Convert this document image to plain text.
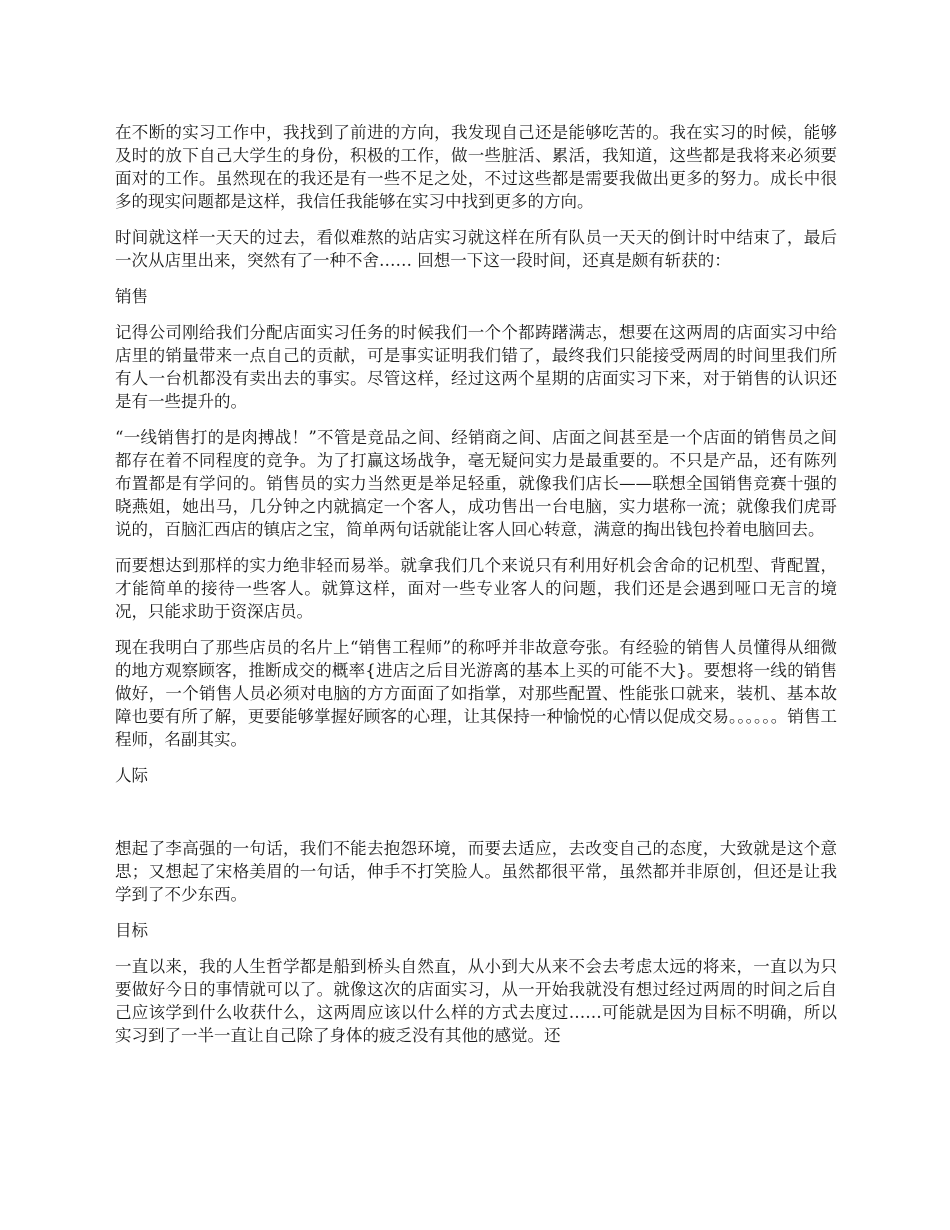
在不断的实习工作中，我找到了前进的方向，我发现自己还是能够吃苦的。我在实习的时候，能够及时的放下自己大学生的身份，积极的工作，做一些脏活、累活，我知道，这些都是我将来必须要面对的工作。虽然现在的我还是有一些不足之处，不过这些都是需要我做出更多的努力。成长中很多的现实问题都是这样，我信任我能够在实习中找到更多的方向。

时间就这样一天天的过去，看似难熬的站店实习就这样在所有队员一天天的倒计时中结束了，最后一次从店里出来，突然有了一种不舍…… 回想一下这一段时间，还真是颇有斩获的：

销售

记得公司刚给我们分配店面实习任务的时候我们一个个都踌躇满志，想要在这两周的店面实习中给店里的销量带来一点自己的贡献，可是事实证明我们错了，最终我们只能接受两周的时间里我们所有人一台机都没有卖出去的事实。尽管这样，经过这两个星期的店面实习下来，对于销售的认识还是有一些提升的。

“一线销售打的是肉搏战！”不管是竞品之间、经销商之间、店面之间甚至是一个店面的销售员之间都存在着不同程度的竞争。为了打赢这场战争，毫无疑问实力是最重要的。不只是产品，还有陈列布置都是有学问的。销售员的实力当然更是举足轻重，就像我们店长——联想全国销售竞赛十强的晓燕姐，她出马，几分钟之内就搞定一个客人，成功售出一台电脑，实力堪称一流；就像我们虎哥说的，百脑汇西店的镇店之宝，简单两句话就能让客人回心转意，满意的掏出钱包拎着电脑回去。

而要想达到那样的实力绝非轻而易举。就拿我们几个来说只有利用好机会舍命的记机型、背配置，才能简单的接待一些客人。就算这样，面对一些专业客人的问题，我们还是会遇到哑口无言的境况，只能求助于资深店员。

现在我明白了那些店员的名片上“销售工程师”的称呼并非故意夸张。有经验的销售人员懂得从细微的地方观察顾客，推断成交的概率{进店之后目光游离的基本上买的可能不大}。要想将一线的销售做好，一个销售人员必须对电脑的方方面面了如指掌，对那些配置、性能张口就来，装机、基本故障也要有所了解，更要能够掌握好顾客的心理，让其保持一种愉悦的心情以促成交易。。。。。。销售工程师，名副其实。

人际

想起了李高强的一句话，我们不能去抱怨环境，而要去适应，去改变自己的态度，大致就是这个意思；又想起了宋格美眉的一句话，伸手不打笑脸人。虽然都很平常，虽然都并非原创，但还是让我学到了不少东西。

目标

一直以来，我的人生哲学都是船到桥头自然直，从小到大从来不会去考虑太远的将来，一直以为只要做好今日的事情就可以了。就像这次的店面实习，从一开始我就没有想过经过两周的时间之后自己应该学到什么收获什么，这两周应该以什么样的方式去度过……可能就是因为目标不明确，所以实习到了一半一直让自己除了身体的疲乏没有其他的感觉。还
